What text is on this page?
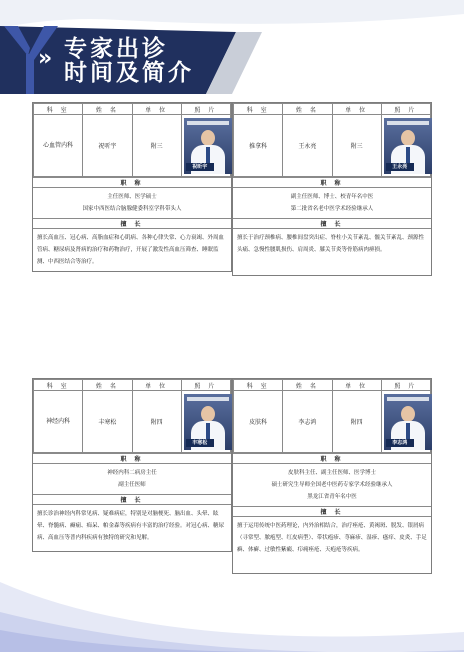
» 专家出诊
时间及简介
科 室	姓 名	单 位	照 片
心血管内科	祝听宇	附三	祝昕宇
职 称
主任医师、医学硕士
国家中西医结合脑腺健委科室学科带头人
擅 长
擅长高血压、冠心病、高脂血症和心肌病、各种心律失常、心力衰竭、外周血管病、糖尿病及肾病的治疗和药物治疗，开展了激发性高血压筛查、睡眠监测、中西医结合等治疗。
科 室	姓 名	单 位	照 片
推拿科	王永亮	附三	王永亮
职 称
副主任医师、博士、校青年名中医
第二批省名老中医学术经验继承人
擅 长
擅长于治疗颈椎病、腰椎间盘突出症、脊柱小关节紊乱、髋关节紊乱、颈源性头痛、急慢性腰肌损伤、肩周炎、膝关节炎等骨筋病肉痹损。
科 室	姓 名	单 位	照 片
神经内科	丰寒松	附四	丰寒松
职 称
神经内科二病房主任
副主任医师
擅 长
擅长诊治神经内科常见病、疑难病症，特别是对脑梗死、脑出血、头晕、眩晕、脊髓病、癫痫、痴呆、帕金森等疾病有丰富的治疗经验。对冠心病、糖尿病、高血压等普内科疾病有独特的研究和见解。
科 室	姓 名	单 位	照 片
皮肤科	李志鸿	附四	李志鸿
职 称
皮肤科主任、副主任医师、医学博士
硕士研究生导师全国老中医药专家学术经验继承人
黑龙江省青年名中医
擅 长
擅于运用传统中医药理论，内外治相结合，治疗痤疮、黄褐斑、脱发、银屑病（寻常型、脓疱型、红皮病型）、带状疱疹、荨麻疹、湿疹、瘙痒、皮炎、手足癣、体癣、过敏性紫癜、疖痈痤疮、天疱疮等疾病。
